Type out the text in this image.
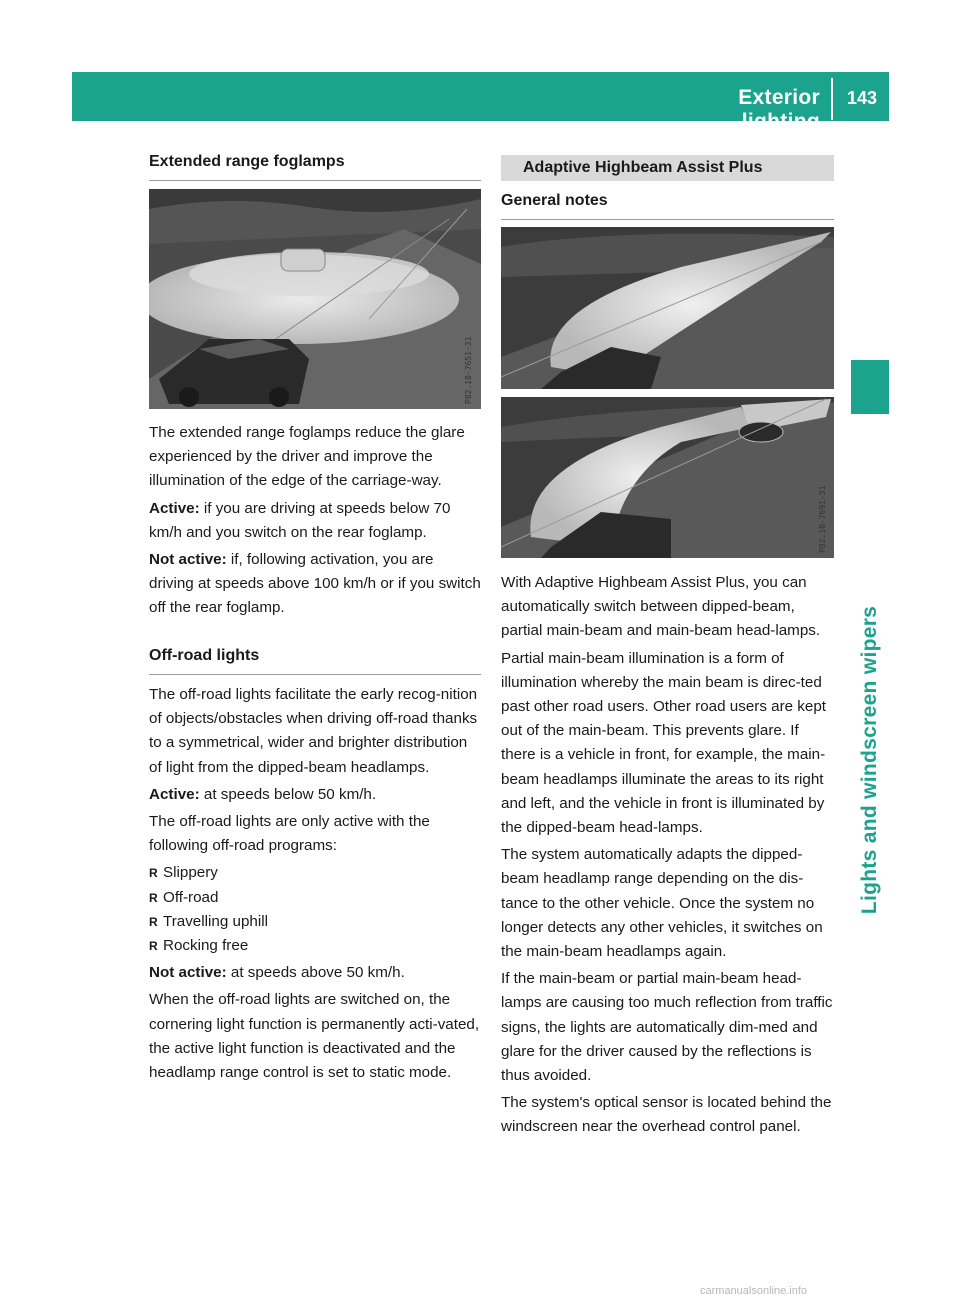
Exterior lighting
143
Lights and windscreen wipers
Extended range foglamps
P82.10-7651-31

The extended range foglamps reduce the glare experienced by the driver and improve the illumination of the edge of the carriage-way.

Active: if you are driving at speeds below 70 km/h and you switch on the rear foglamp.

Not active: if, following activation, you are driving at speeds above 100 km/h or if you switch off the rear foglamp.

Off-road lights

The off-road lights facilitate the early recog-nition of objects/obstacles when driving off-road thanks to a symmetrical, wider and brighter distribution of light from the dipped-beam headlamps.

Active: at speeds below 50 km/h.

The off-road lights are only active with the following off-road programs:

R Slippery
R Off-road
R Travelling uphill
R Rocking free

Not active: at speeds above 50 km/h.

When the off-road lights are switched on, the cornering light function is permanently acti-vated, the active light function is deactivated and the headlamp range control is set to static mode.

Adaptive Highbeam Assist Plus
General notes
P82.10-7691-31

With Adaptive Highbeam Assist Plus, you can automatically switch between dipped-beam, partial main-beam and main-beam head-lamps.

Partial main-beam illumination is a form of illumination whereby the main beam is direc-ted past other road users. Other road users are kept out of the main-beam. This prevents glare. If there is a vehicle in front, for example, the main-beam headlamps illuminate the areas to its right and left, and the vehicle in front is illuminated by the dipped-beam head-lamps.

The system automatically adapts the dipped-beam headlamp range depending on the dis-tance to the other vehicle. Once the system no longer detects any other vehicles, it switches on the main-beam headlamps again.

If the main-beam or partial main-beam head-lamps are causing too much reflection from traffic signs, the lights are automatically dim-med and glare for the driver caused by the reflections is thus avoided.

The system's optical sensor is located behind the windscreen near the overhead control panel.

carmanualsonline.info
